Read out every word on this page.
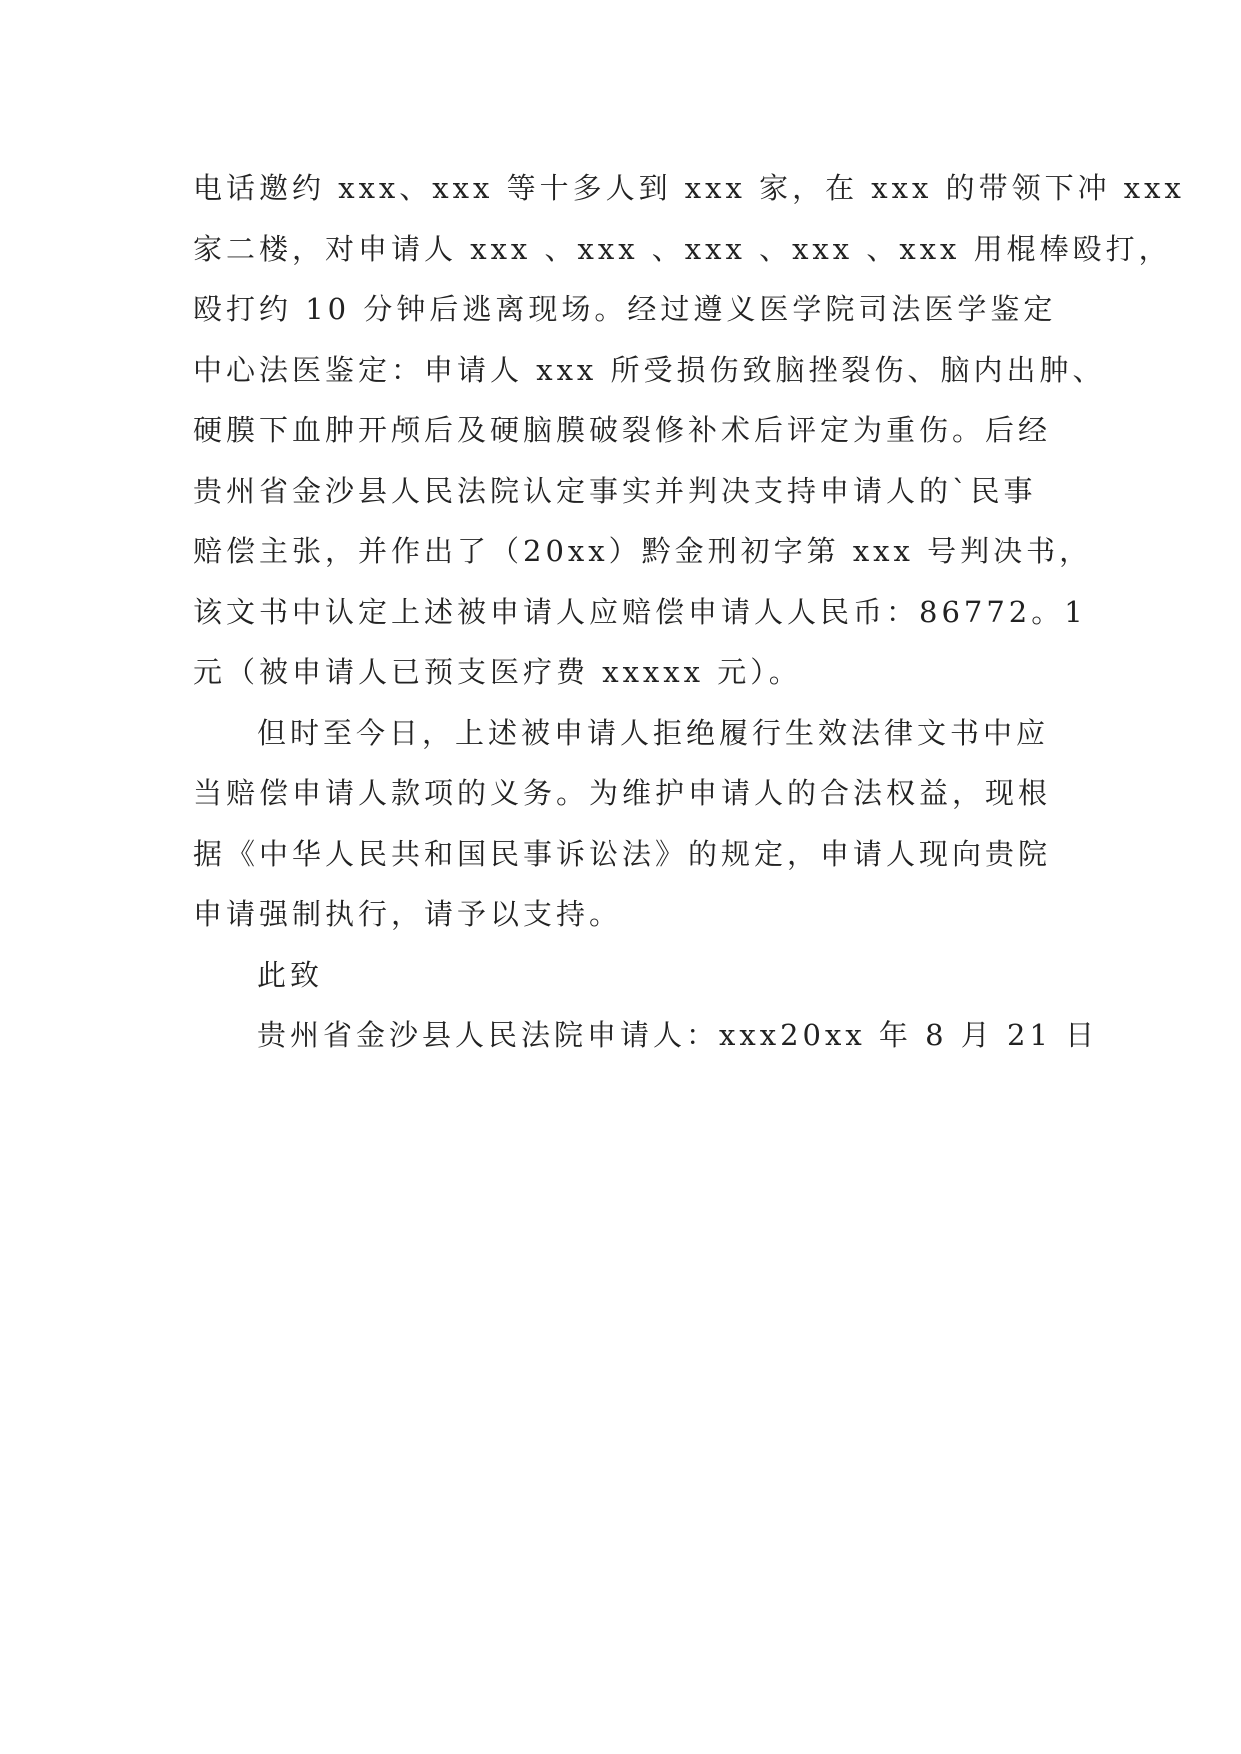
电话邀约 xxx、xxx 等十多人到 xxx 家，在 xxx 的带领下冲 xxx
家二楼，对申请人 xxx 、xxx 、xxx 、xxx 、xxx 用棍棒殴打，
殴打约 10 分钟后逃离现场。经过遵义医学院司法医学鉴定
中心法医鉴定：申请人 xxx 所受损伤致脑挫裂伤、脑内出肿、
硬膜下血肿开颅后及硬脑膜破裂修补术后评定为重伤。后经
贵州省金沙县人民法院认定事实并判决支持申请人的`民事
赔偿主张，并作出了（20xx）黔金刑初字第 xxx 号判决书，
该文书中认定上述被申请人应赔偿申请人人民币：86772。1
元（被申请人已预支医疗费 xxxxx 元）。
但时至今日，上述被申请人拒绝履行生效法律文书中应
当赔偿申请人款项的义务。为维护申请人的合法权益，现根
据《中华人民共和国民事诉讼法》的规定，申请人现向贵院
申请强制执行，请予以支持。
此致
贵州省金沙县人民法院申请人：xxx20xx 年 8 月 21 日
